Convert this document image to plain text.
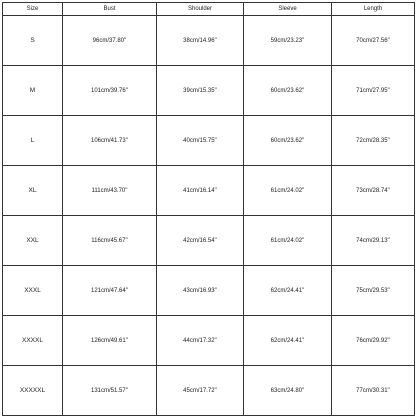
Size	Bust	Shoulder	Sleeve	Length
S	96cm/37.80''	38cm/14.96''	59cm/23.23''	70cm/27.56''
M	101cm/39.76''	39cm/15.35''	60cm/23.62''	71cm/27.95''
L	106cm/41.73''	40cm/15.75''	60cm/23.62''	72cm/28.35''
XL	111cm/43.70''	41cm/16.14''	61cm/24.02''	73cm/28.74''
XXL	116cm/45.67''	42cm/16.54''	61cm/24.02''	74cm/29.13''
XXXL	121cm/47.64''	43cm/16.93''	62cm/24.41''	75cm/29.53''
XXXXL	126cm/49.61''	44cm/17.32''	62cm/24.41''	76cm/29.92''
XXXXXL	131cm/51.57''	45cm/17.72''	63cm/24.80''	77cm/30.31''
